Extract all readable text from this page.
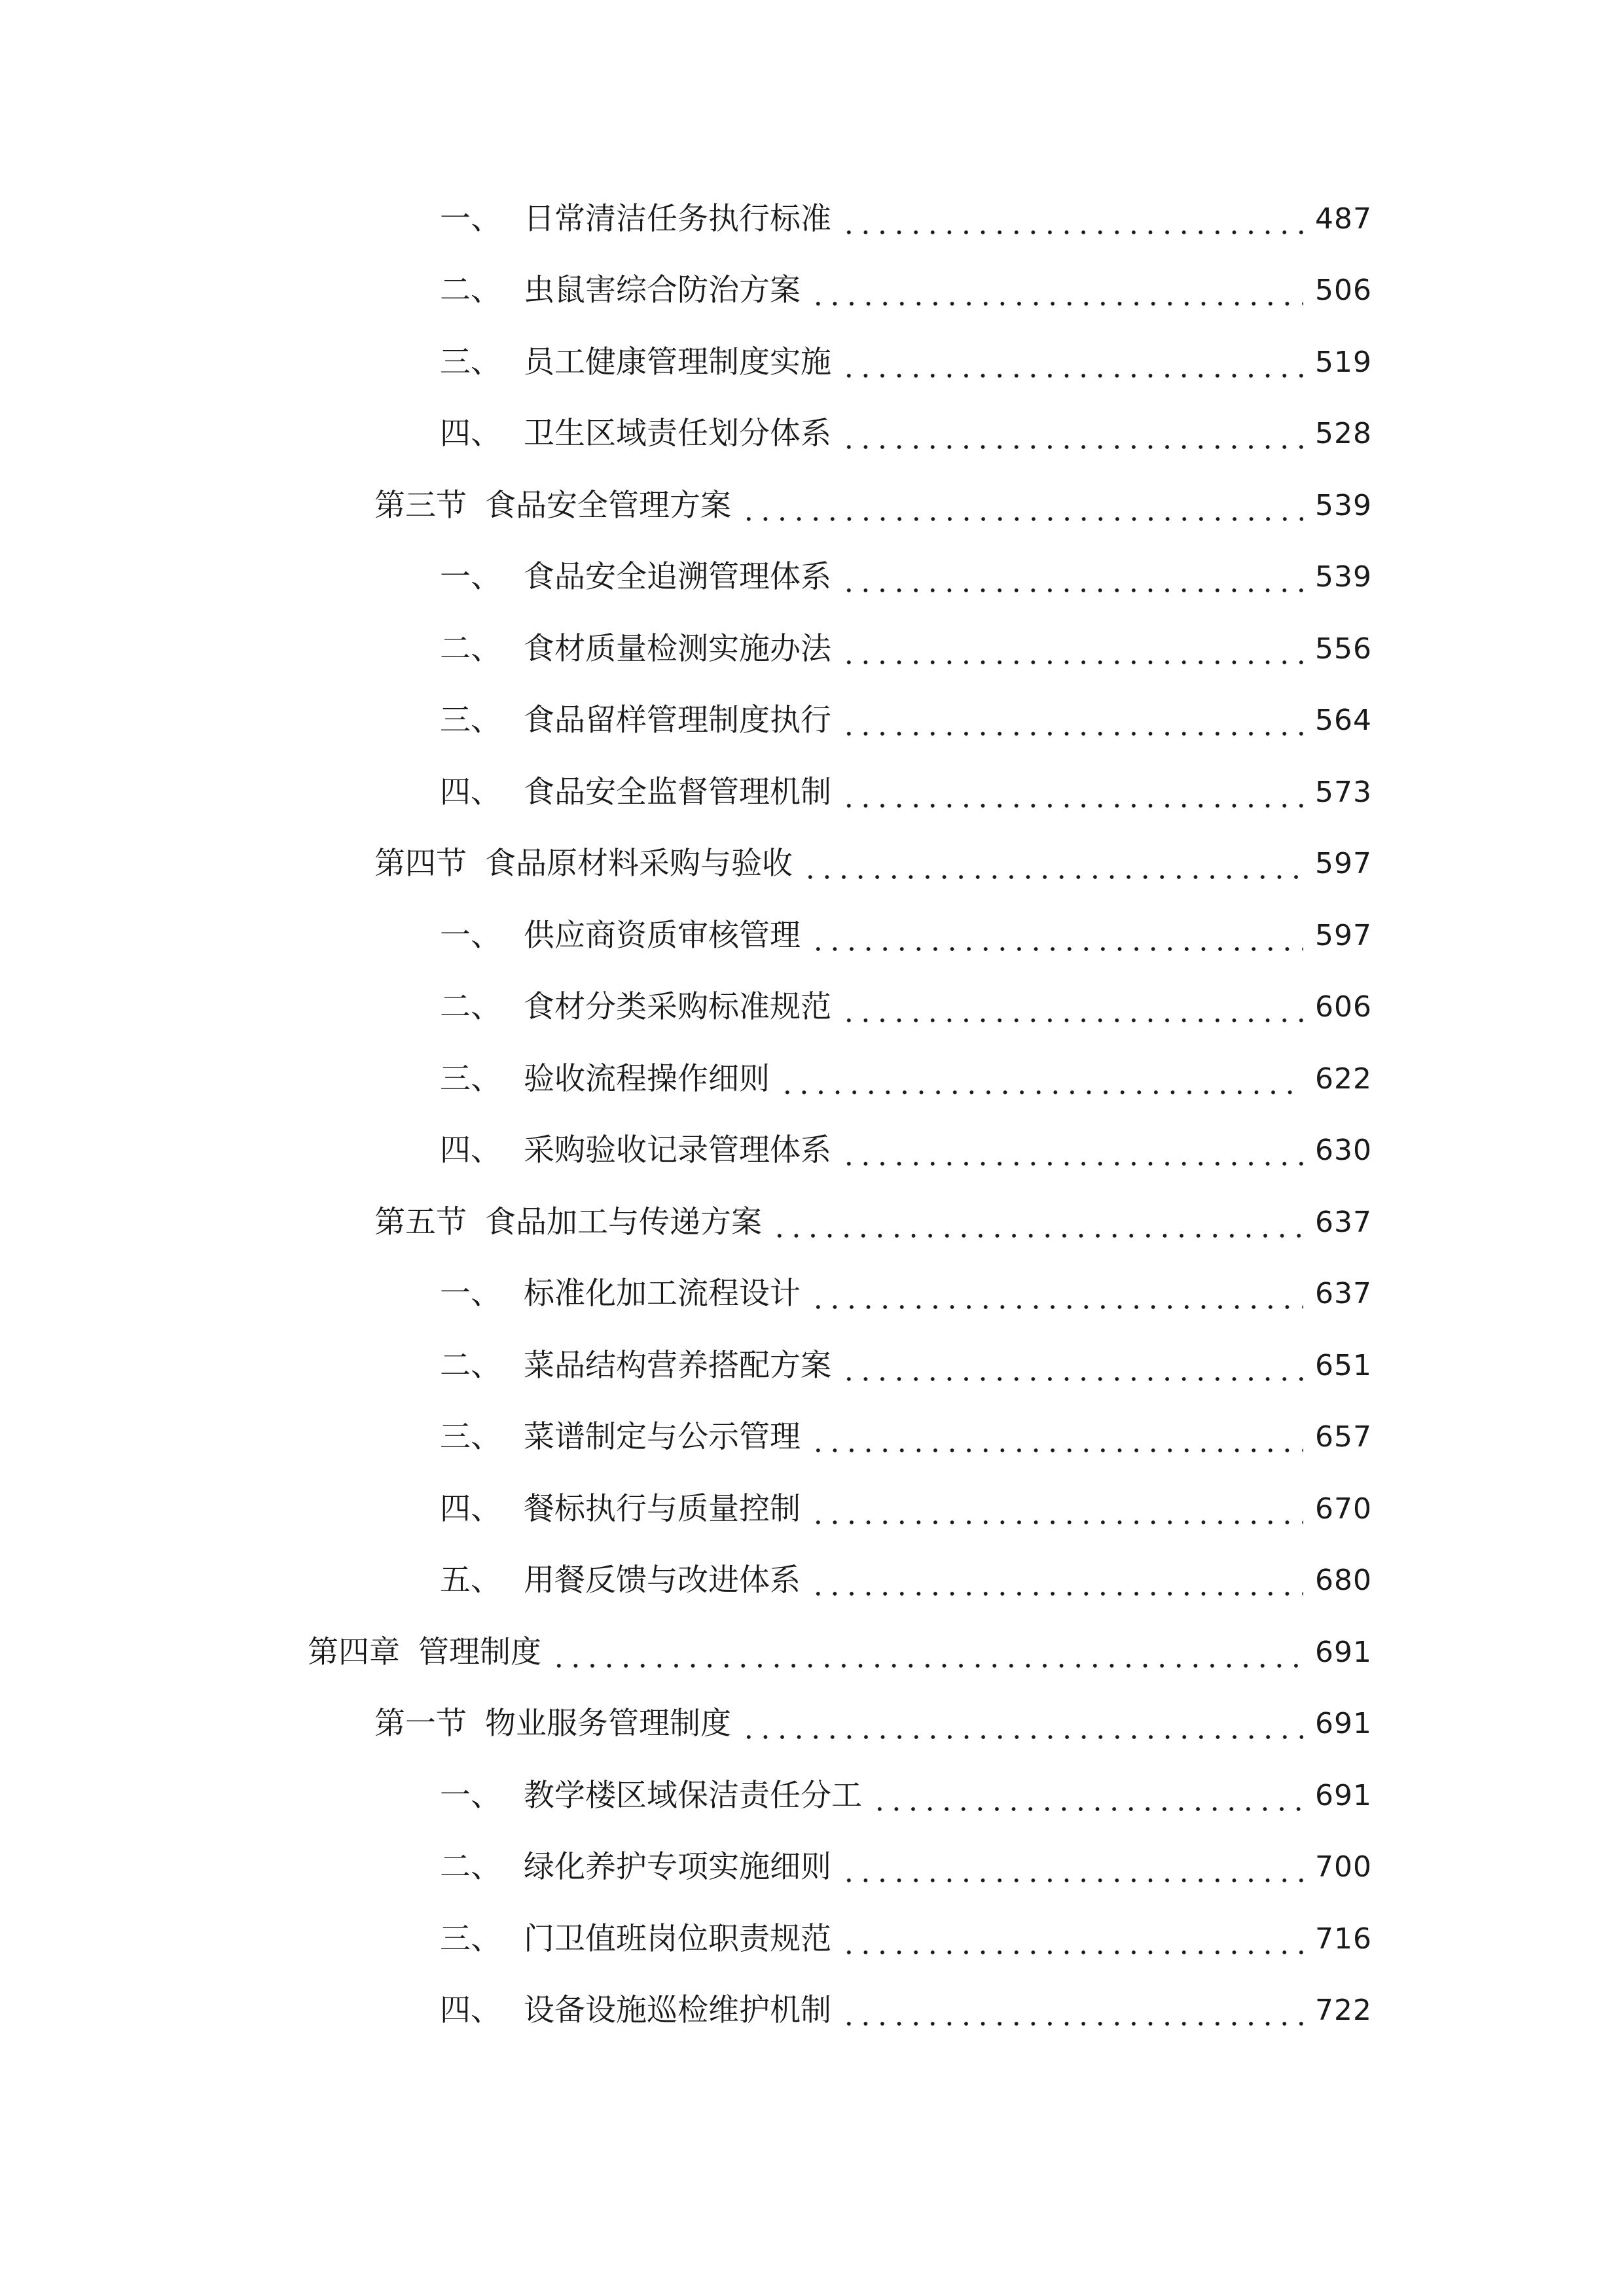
一、 日常清洁任务执行标准	487
二、 虫鼠害综合防治方案	506
三、 员工健康管理制度实施	519
四、 卫生区域责任划分体系	528
第三节 食品安全管理方案	539
一、 食品安全追溯管理体系	539
二、 食材质量检测实施办法	556
三、 食品留样管理制度执行	564
四、 食品安全监督管理机制	573
第四节 食品原材料采购与验收	597
一、 供应商资质审核管理	597
二、 食材分类采购标准规范	606
三、 验收流程操作细则	622
四、 采购验收记录管理体系	630
第五节 食品加工与传递方案	637
一、 标准化加工流程设计	637
二、 菜品结构营养搭配方案	651
三、 菜谱制定与公示管理	657
四、 餐标执行与质量控制	670
五、 用餐反馈与改进体系	680
第四章 管理制度	691
第一节 物业服务管理制度	691
一、 教学楼区域保洁责任分工	691
二、 绿化养护专项实施细则	700
三、 门卫值班岗位职责规范	716
四、 设备设施巡检维护机制	722
